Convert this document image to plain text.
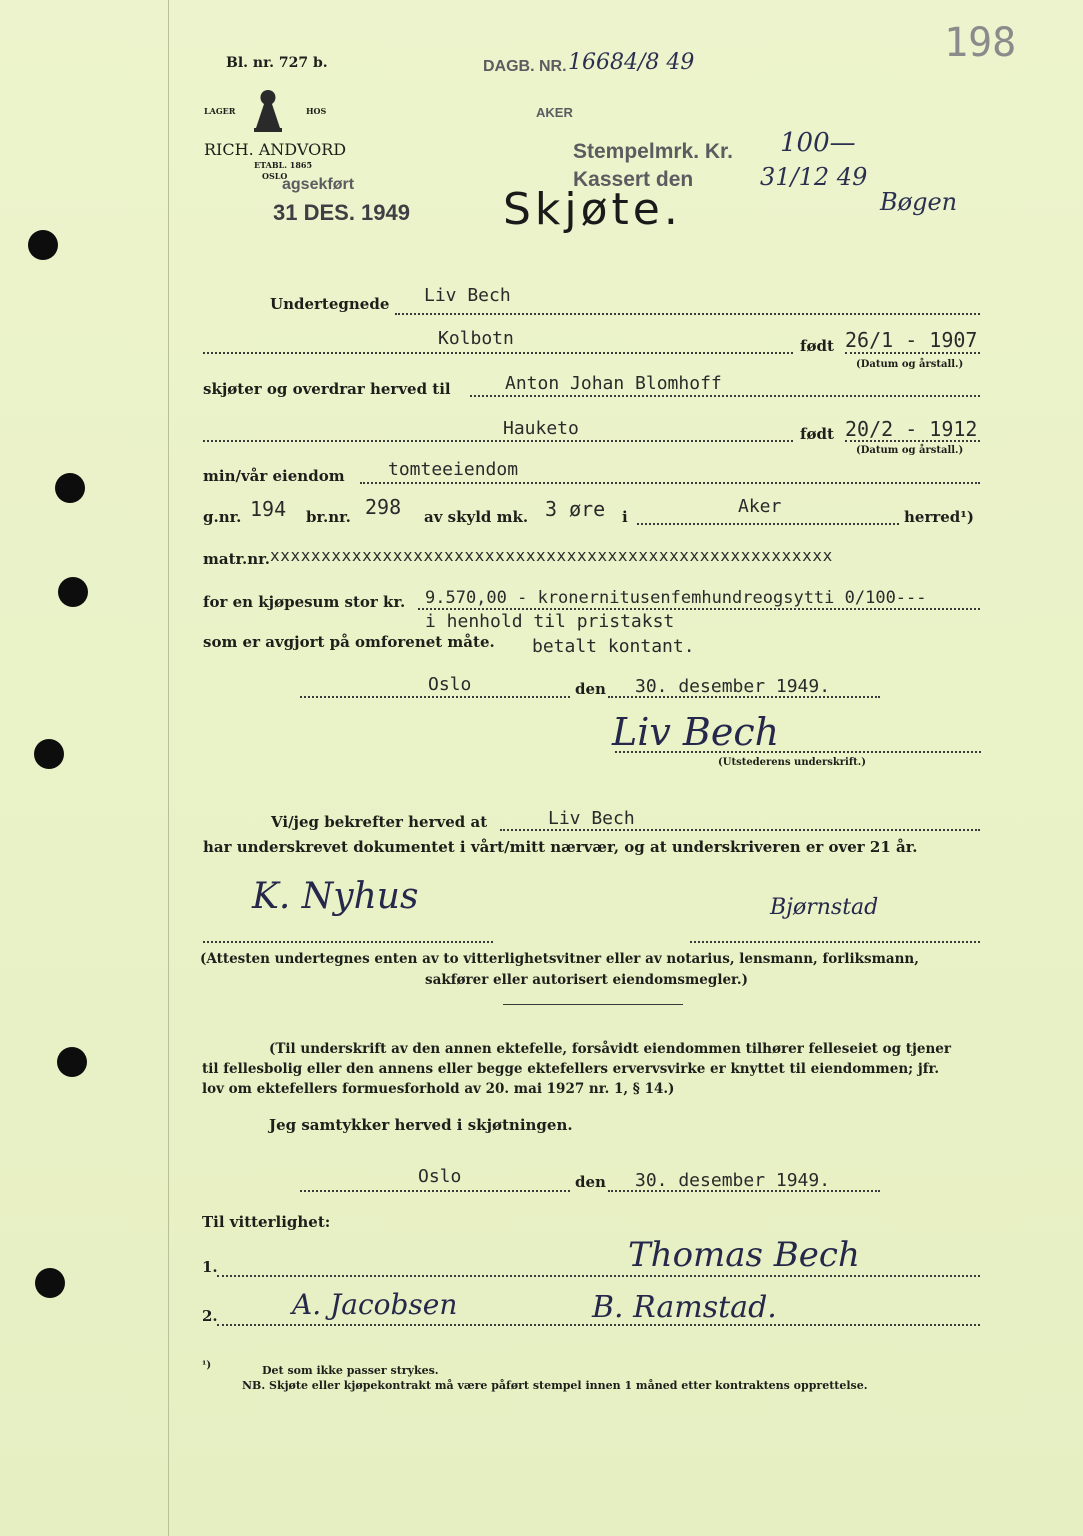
Bl. nr. 727 b.
LAGER	HOS
RICH. ANDVORD
ETABL. 1865
OSLO
agsekført
31 DES. 1949
DAGB. NR. 16684/8 49
AKER
Stempelmrk. Kr. 100—
Kassert den	31/12 49
Bøgen
198
Skjøte.
Undertegnede Liv Bech
Kolbotn	født 26/1 - 1907
(Datum og årstall.)
skjøter og overdrar herved til	Anton Johan Blomhoff
Hauketo	født 20/2 - 1912
(Datum og årstall.)
min/vår eiendom tomteeiendom
g.nr. 194 br.nr. 298 av skyld mk. 3 øre i	Aker	herred¹)
matr.nr. xxxxxxxxxxxxxxxxxxxxxxxxxxxxxxxxxxxxxxxxxxxxxxxxxxxxxxx
for en kjøpesum stor kr. 9.570,00 - kronernitusenfemhundreogsytti 0/100---
i henhold til pristakst
som er avgjort på omforenet måte. betalt kontant.
Oslo	den 30. desember 1949.
Liv Bech
(Utstederens underskrift.)
Vi/jeg bekrefter herved at	Liv Bech
har underskrevet dokumentet i vårt/mitt nærvær, og at underskriveren er over 21 år.
K. Nyhus	Bjørnstad
(Attesten undertegnes enten av to vitterlighetsvitner eller av notarius, lensmann, forliksmann,
sakfører eller autorisert eiendomsmegler.)
(Til underskrift av den annen ektefelle, forsåvidt eiendommen tilhører felleseiet og tjener
til fellesbolig eller den annens eller begge ektefellers ervervsvirke er knyttet til eiendommen; jfr.
lov om ektefellers formuesforhold av 20. mai 1927 nr. 1, § 14.)
Jeg samtykker herved i skjøtningen.
Oslo	den 30. desember 1949.
Til vitterlighet:
1.	Thomas Bech
2.	A. Jacobsen	B. Ramstad.
¹)	Det som ikke passer strykes.
NB. Skjøte eller kjøpekontrakt må være påført stempel innen 1 måned etter kontraktens opprettelse.
